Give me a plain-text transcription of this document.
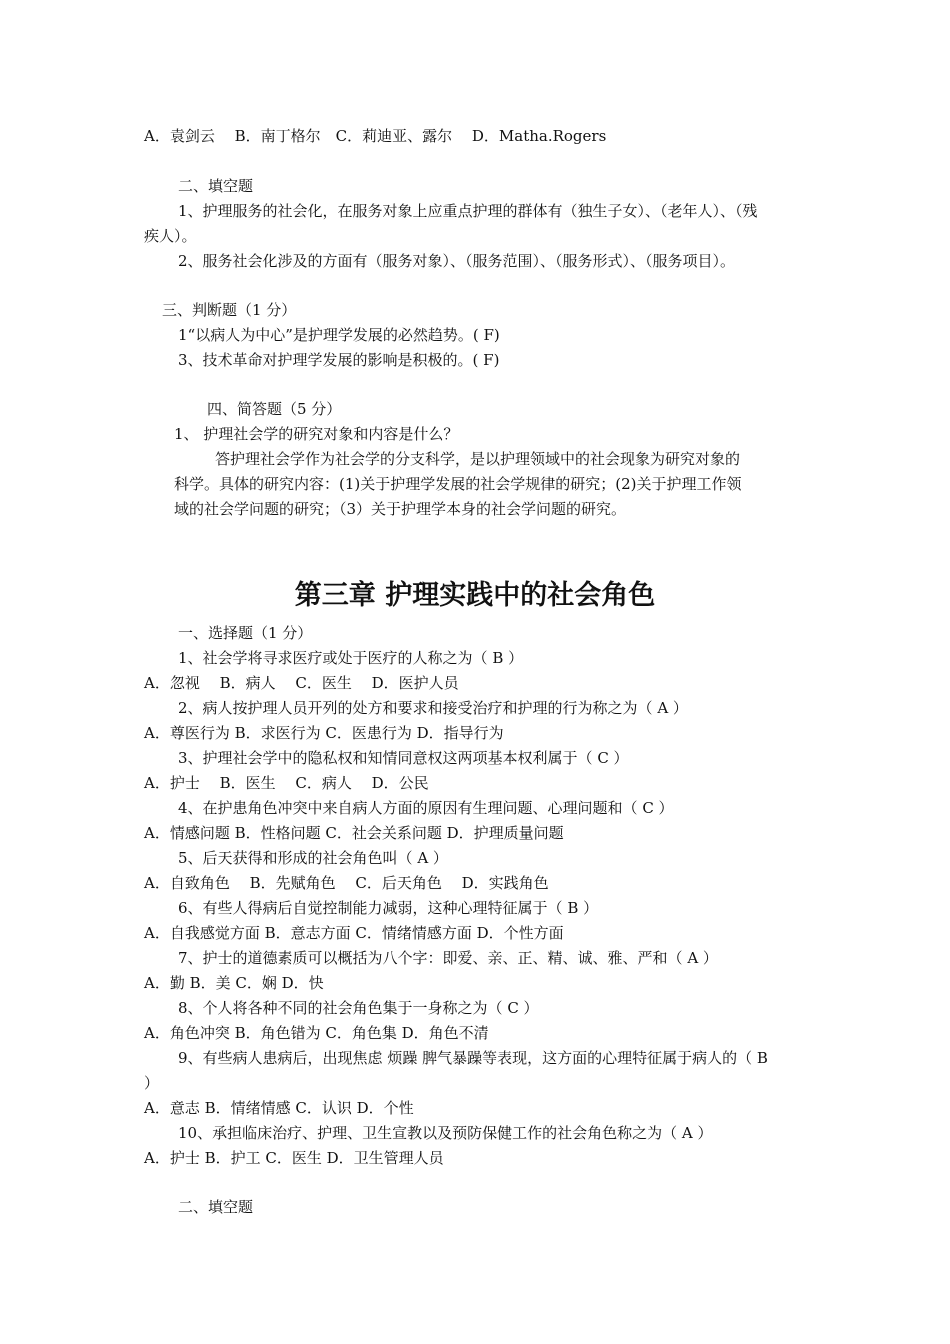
A．袁剑云　 B．南丁格尔　C．莉迪亚、露尔　 D．Matha.Rogers
二、填空题
1、护理服务的社会化，在服务对象上应重点护理的群体有（独生子女）、（老年人）、（残
疾人）。
2、服务社会化涉及的方面有（服务对象）、（服务范围）、（服务形式）、（服务项目）。
三、判断题（1 分）
1“以病人为中心”是护理学发展的必然趋势。( F)
3、技术革命对护理学发展的影响是积极的。( F)
四、简答题（5 分）
1、 护理社会学的研究对象和内容是什么？
答护理社会学作为社会学的分支科学，是以护理领域中的社会现象为研究对象的
科学。具体的研究内容：(1)关于护理学发展的社会学规律的研究；(2)关于护理工作领
域的社会学问题的研究；（3）关于护理学本身的社会学问题的研究。
第三章 护理实践中的社会角色
一、选择题（1 分）
1、社会学将寻求医疗或处于医疗的人称之为（ B ）
A．忽视　 B．病人　 C．医生　 D．医护人员
2、病人按护理人员开列的处方和要求和接受治疗和护理的行为称之为（ A ）
A．尊医行为 B．求医行为 C．医患行为 D．指导行为
3、护理社会学中的隐私权和知情同意权这两项基本权利属于（ C ）
A．护士　 B．医生　 C．病人　 D．公民
4、在护患角色冲突中来自病人方面的原因有生理问题、心理问题和（ C ）
A．情感问题 B．性格问题 C．社会关系问题 D．护理质量问题
5、后天获得和形成的社会角色叫（ A ）
A．自致角色　 B．先赋角色　 C．后天角色　 D．实践角色
6、有些人得病后自觉控制能力减弱，这种心理特征属于（ B ）
A．自我感觉方面 B．意志方面 C．情绪情感方面 D．个性方面
7、护士的道德素质可以概括为八个字：即爱、亲、正、精、诚、雅、严和（ A ）
A．勤 B．美 C．娴 D．快
8、个人将各种不同的社会角色集于一身称之为（ C ）
A．角色冲突 B．角色错为 C．角色集 D．角色不清
9、有些病人患病后，出现焦虑 烦躁 脾气暴躁等表现，这方面的心理特征属于病人的（ B
）
A．意志 B．情绪情感 C．认识 D．个性
10、承担临床治疗、护理、卫生宣教以及预防保健工作的社会角色称之为（ A ）
A．护士 B．护工 C．医生 D．卫生管理人员
二、填空题
